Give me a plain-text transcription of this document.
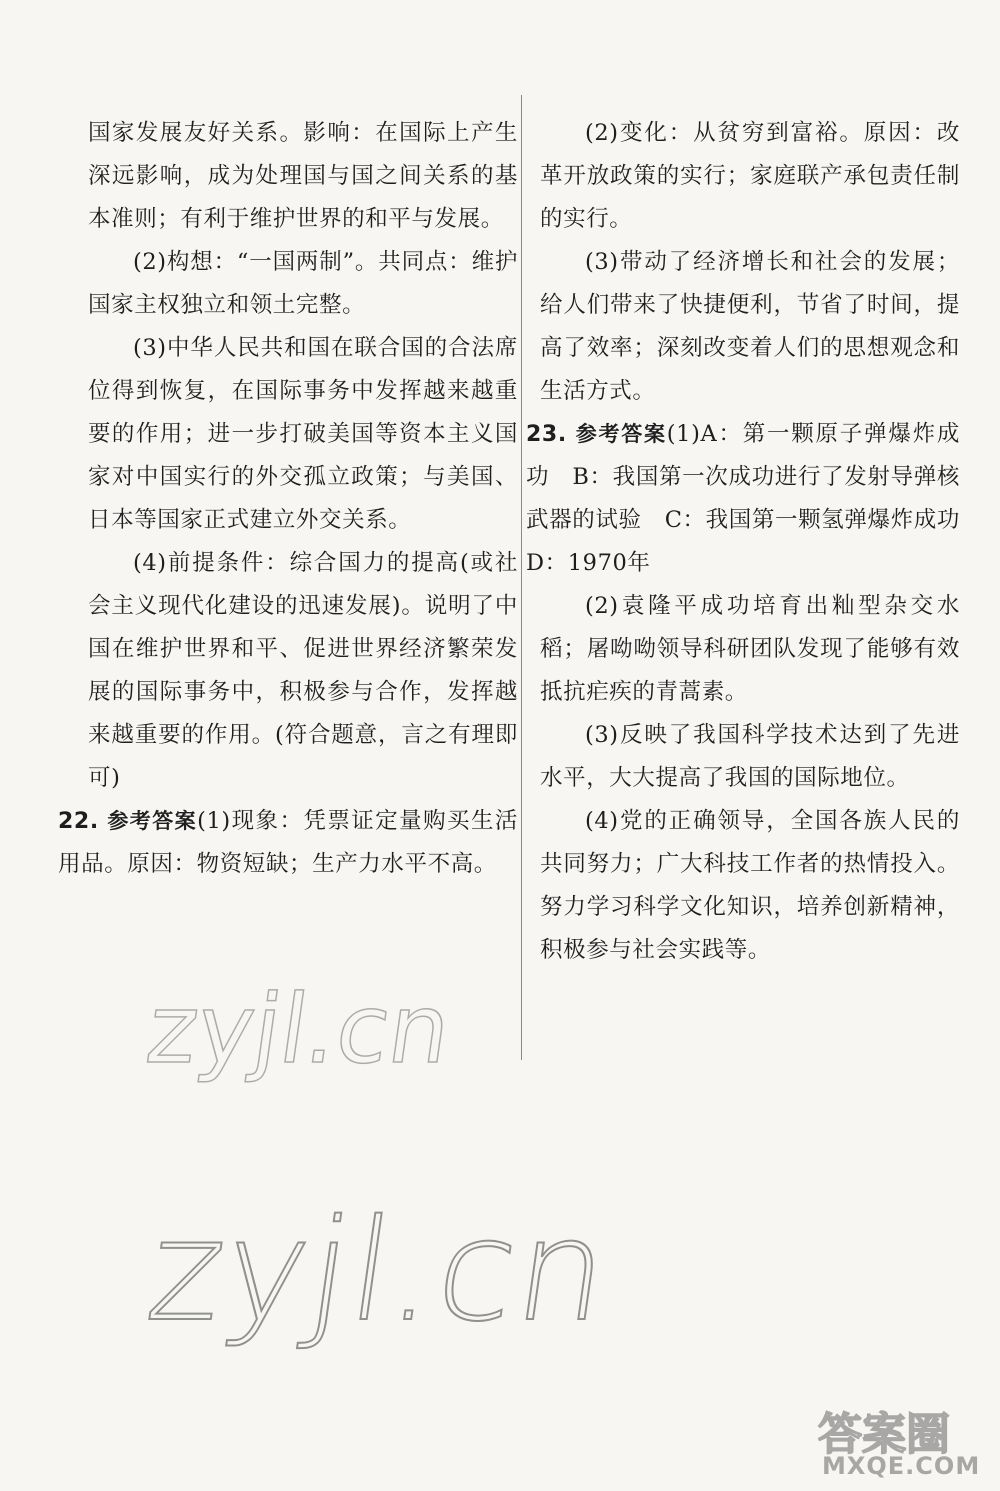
国家发展友好关系。影响：在国际上产生深远影响，成为处理国与国之间关系的基本准则；有利于维护世界的和平与发展。

(2)构想：“一国两制”。共同点：维护国家主权独立和领土完整。

(3)中华人民共和国在联合国的合法席位得到恢复，在国际事务中发挥越来越重要的作用；进一步打破美国等资本主义国家对中国实行的外交孤立政策；与美国、日本等国家正式建立外交关系。

(4)前提条件：综合国力的提高(或社会主义现代化建设的迅速发展)。说明了中国在维护世界和平、促进世界经济繁荣发展的国际事务中，积极参与合作，发挥越来越重要的作用。(符合题意，言之有理即可)

22. 参考答案(1)现象：凭票证定量购买生活用品。原因：物资短缺；生产力水平不高。

(2)变化：从贫穷到富裕。原因：改革开放政策的实行；家庭联产承包责任制的实行。

(3)带动了经济增长和社会的发展；给人们带来了快捷便利，节省了时间，提高了效率；深刻改变着人们的思想观念和生活方式。

23. 参考答案(1)A：第一颗原子弹爆炸成功　B：我国第一次成功进行了发射导弹核武器的试验　C：我国第一颗氢弹爆炸成功　D：1970年

(2)袁隆平成功培育出籼型杂交水稻；屠呦呦领导科研团队发现了能够有效抵抗疟疾的青蒿素。

(3)反映了我国科学技术达到了先进水平，大大提高了我国的国际地位。

(4)党的正确领导，全国各族人民的共同努力；广大科技工作者的热情投入。努力学习科学文化知识，培养创新精神，积极参与社会实践等。

zyjl.cn
zyjl.cn
答案圈
MXQE.COM
